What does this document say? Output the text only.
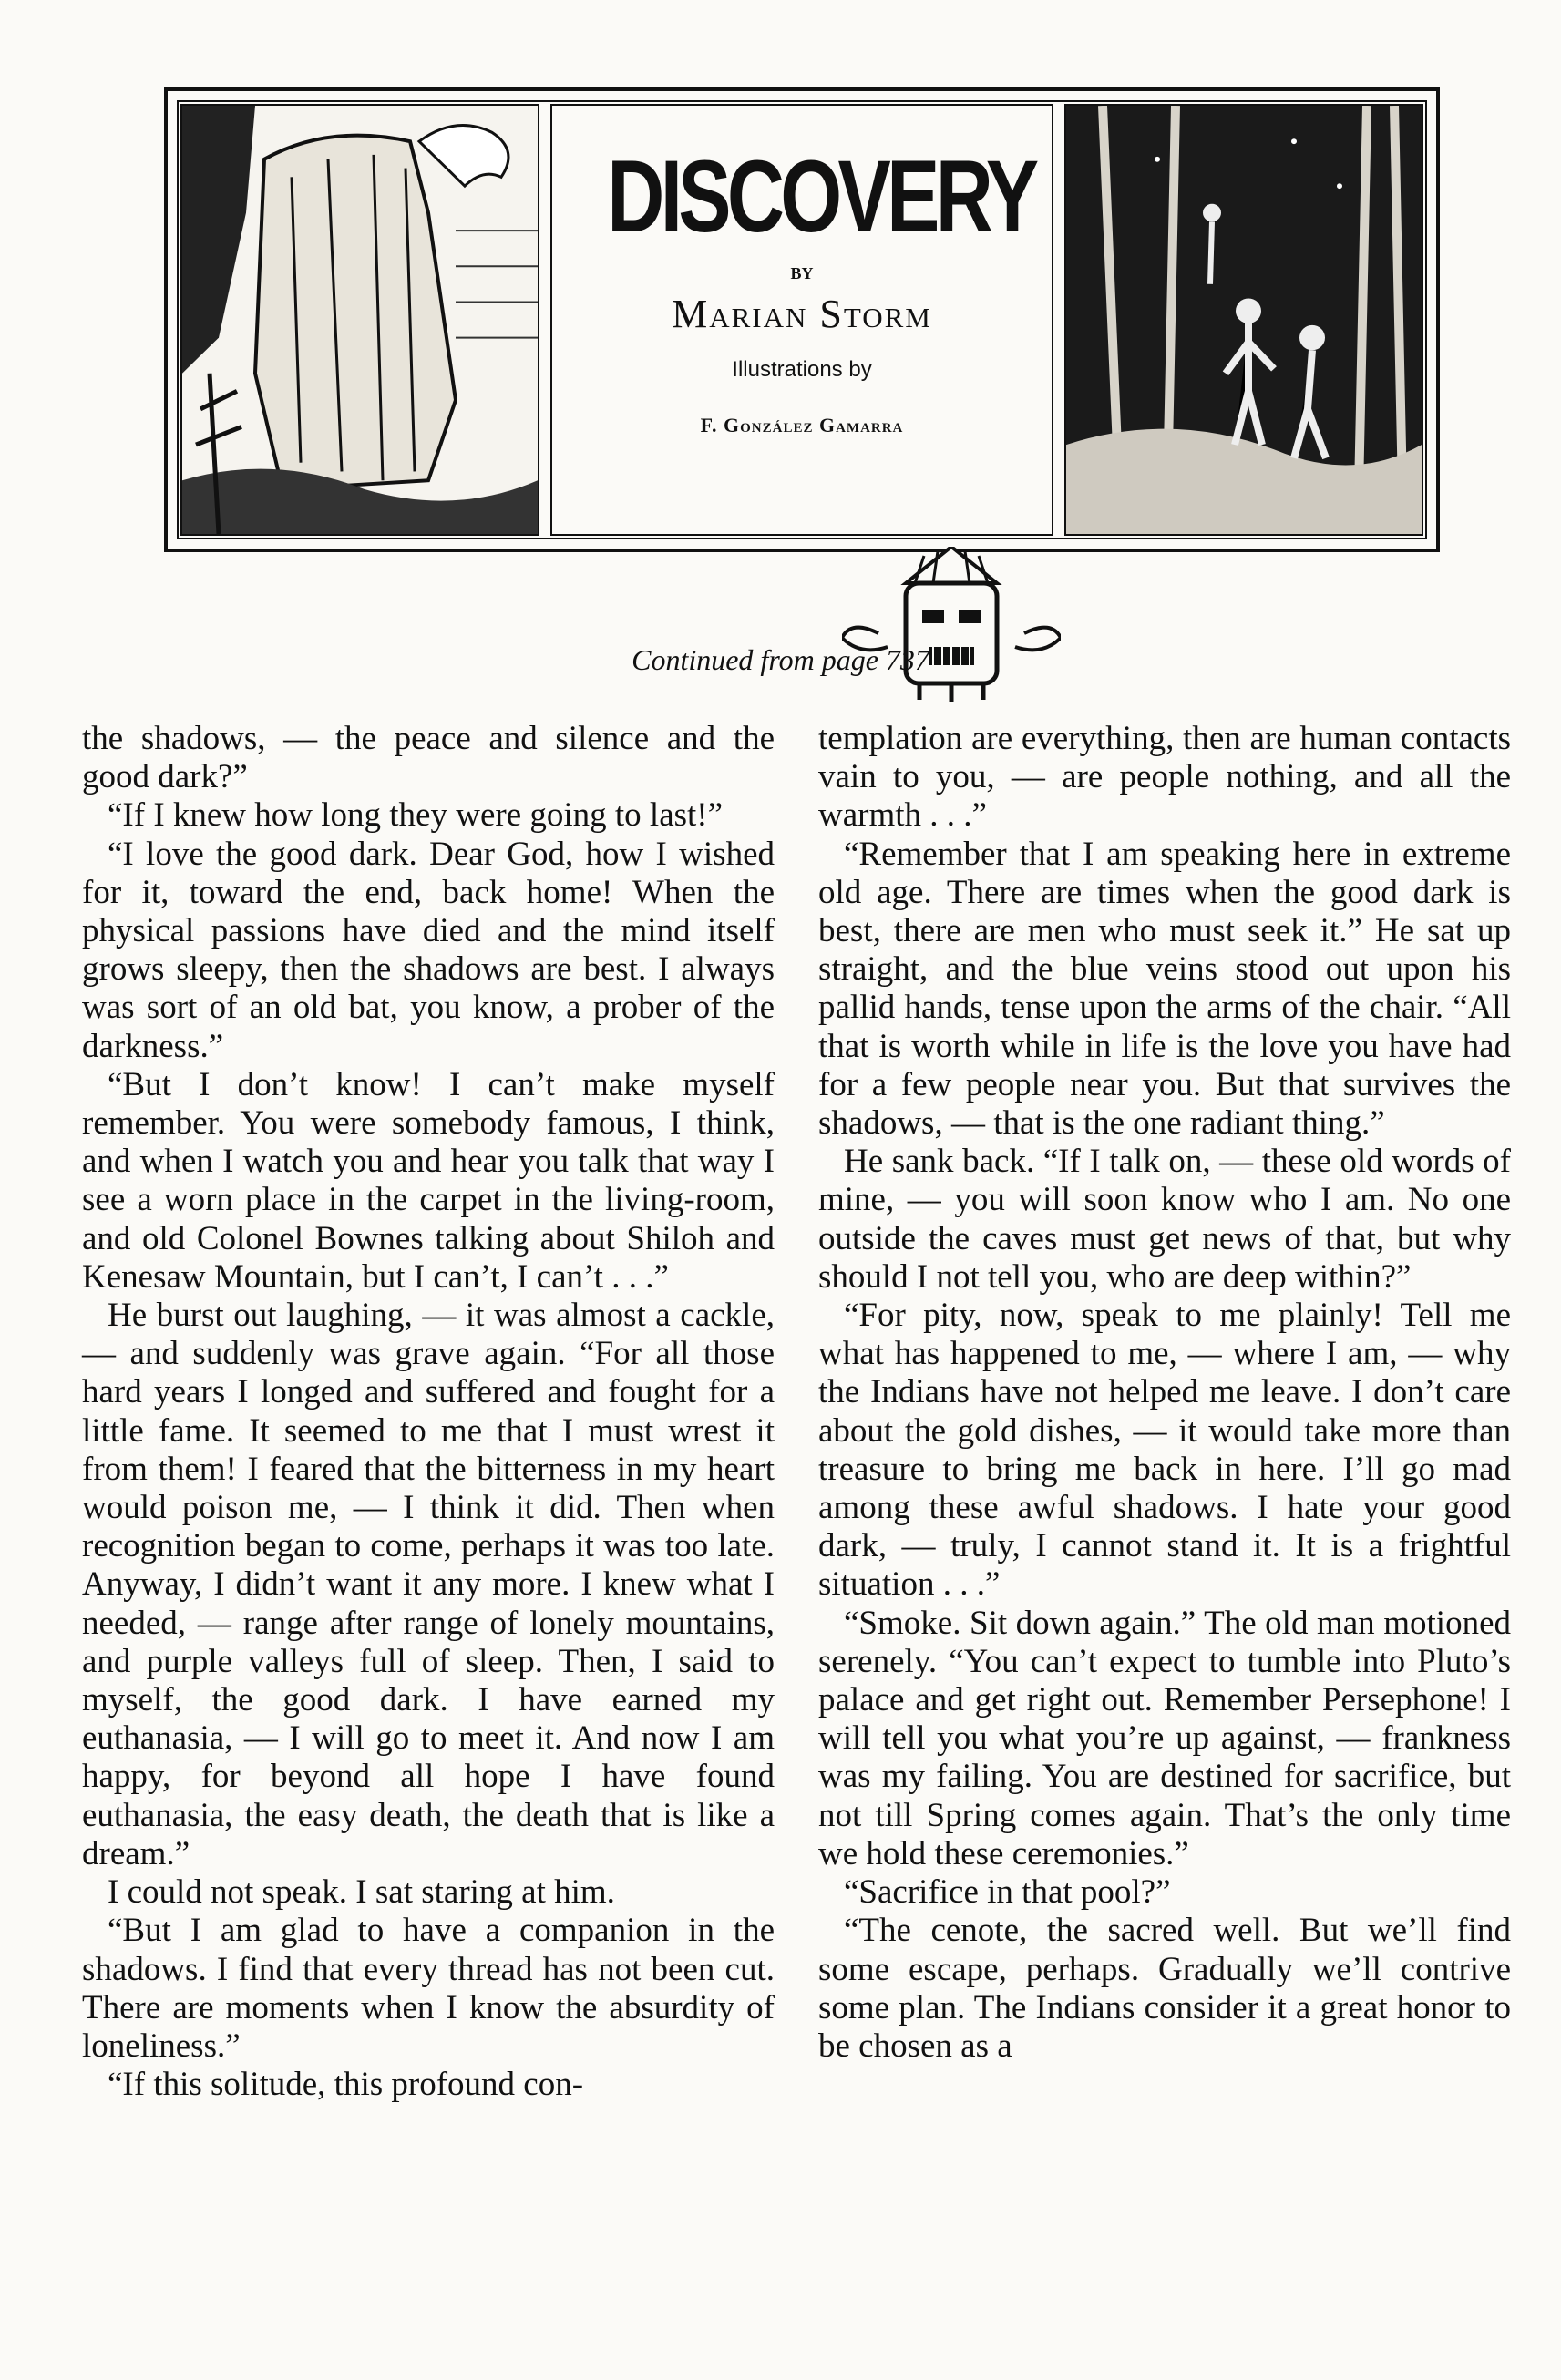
DISCOVERY
BY
Marian Storm
Illustrations by
F. González Gamarra
Continued from page 737

the shadows, — the peace and silence and the good dark?”

“If I knew how long they were going to last!”

“I love the good dark. Dear God, how I wished for it, toward the end, back home! When the physical passions have died and the mind itself grows sleepy, then the shadows are best. I always was sort of an old bat, you know, a prober of the darkness.”

“But I don’t know! I can’t make myself remember. You were somebody famous, I think, and when I watch you and hear you talk that way I see a worn place in the carpet in the living-room, and old Colonel Bownes talking about Shiloh and Kenesaw Mountain, but I can’t, I can’t . . .”

He burst out laughing, — it was almost a cackle, — and suddenly was grave again. “For all those hard years I longed and suffered and fought for a little fame. It seemed to me that I must wrest it from them! I feared that the bitterness in my heart would poison me, — I think it did. Then when recognition began to come, perhaps it was too late. Anyway, I didn’t want it any more. I knew what I needed, — range after range of lonely mountains, and purple valleys full of sleep. Then, I said to myself, the good dark. I have earned my euthanasia, — I will go to meet it. And now I am happy, for beyond all hope I have found euthanasia, the easy death, the death that is like a dream.”

I could not speak. I sat staring at him.

“But I am glad to have a companion in the shadows. I find that every thread has not been cut. There are moments when I know the absurdity of loneliness.”

“If this solitude, this profound con-

templation are everything, then are human contacts vain to you, — are people nothing, and all the warmth . . .”

“Remember that I am speaking here in extreme old age. There are times when the good dark is best, there are men who must seek it.” He sat up straight, and the blue veins stood out upon his pallid hands, tense upon the arms of the chair. “All that is worth while in life is the love you have had for a few people near you. But that survives the shadows, — that is the one radiant thing.”

He sank back. “If I talk on, — these old words of mine, — you will soon know who I am. No one outside the caves must get news of that, but why should I not tell you, who are deep within?”

“For pity, now, speak to me plainly! Tell me what has happened to me, — where I am, — why the Indians have not helped me leave. I don’t care about the gold dishes, — it would take more than treasure to bring me back in here. I’ll go mad among these awful shadows. I hate your good dark, — truly, I cannot stand it. It is a frightful situation . . .”

“Smoke. Sit down again.” The old man motioned serenely. “You can’t expect to tumble into Pluto’s palace and get right out. Remember Persephone! I will tell you what you’re up against, — frankness was my failing. You are destined for sacrifice, but not till Spring comes again. That’s the only time we hold these ceremonies.”

“Sacrifice in that pool?”

“The cenote, the sacred well. But we’ll find some escape, perhaps. Gradually we’ll contrive some plan. The Indians consider it a great honor to be chosen as a
